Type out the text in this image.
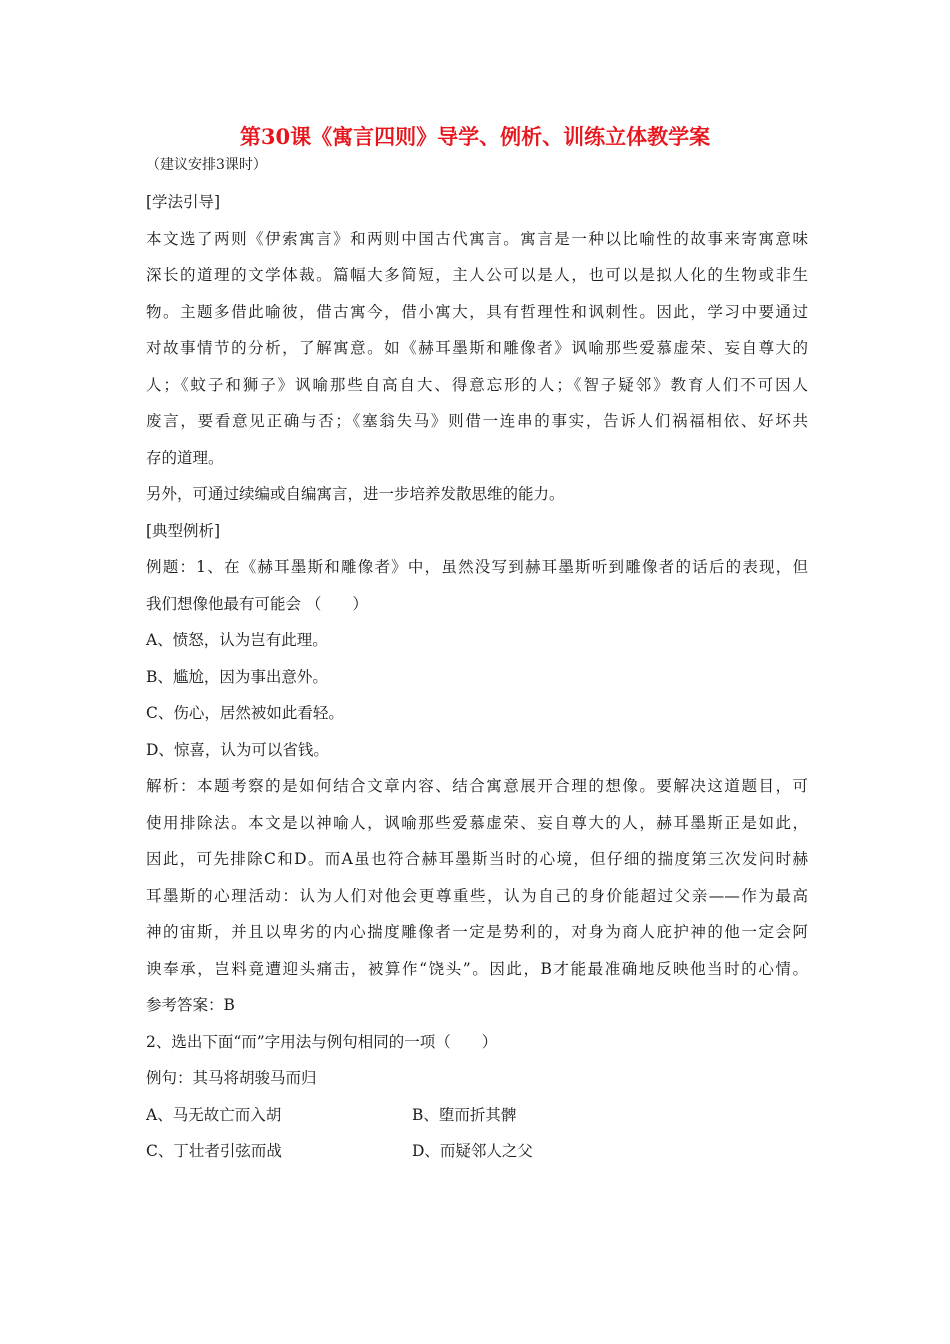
第30课《寓言四则》导学、例析、训练立体教学案
（建议安排3课时）
[学法引导]
本文选了两则《伊索寓言》和两则中国古代寓言。寓言是一种以比喻性的故事来寄寓意味
深长的道理的文学体裁。篇幅大多简短，主人公可以是人，也可以是拟人化的生物或非生
物。主题多借此喻彼，借古寓今，借小寓大，具有哲理性和讽刺性。因此，学习中要通过
对故事情节的分析，了解寓意。如《赫耳墨斯和雕像者》讽喻那些爱慕虚荣、妄自尊大的
人；《蚊子和狮子》讽喻那些自高自大、得意忘形的人；《智子疑邻》教育人们不可因人
废言，要看意见正确与否；《塞翁失马》则借一连串的事实，告诉人们祸福相依、好坏共
存的道理。
另外，可通过续编或自编寓言，进一步培养发散思维的能力。
[典型例析]
例题：1、在《赫耳墨斯和雕像者》中，虽然没写到赫耳墨斯听到雕像者的话后的表现，但
我们想像他最有可能会 （　　）
A、愤怒，认为岂有此理。
B、尴尬，因为事出意外。
C、伤心，居然被如此看轻。
D、惊喜，认为可以省钱。
解析：本题考察的是如何结合文章内容、结合寓意展开合理的想像。要解决这道题目，可
使用排除法。本文是以神喻人，讽喻那些爱慕虚荣、妄自尊大的人，赫耳墨斯正是如此，
因此，可先排除C和D。而A虽也符合赫耳墨斯当时的心境，但仔细的揣度第三次发问时赫
耳墨斯的心理活动：认为人们对他会更尊重些，认为自己的身价能超过父亲——作为最高
神的宙斯，并且以卑劣的内心揣度雕像者一定是势利的，对身为商人庇护神的他一定会阿
谀奉承，岂料竟遭迎头痛击，被算作“饶头”。因此，B才能最准确地反映他当时的心情。
参考答案：B
2、选出下面“而”字用法与例句相同的一项（　　）
例句：其马将胡骏马而归
A、马无故亡而入胡	B、堕而折其髀
C、丁壮者引弦而战	D、而疑邻人之父
